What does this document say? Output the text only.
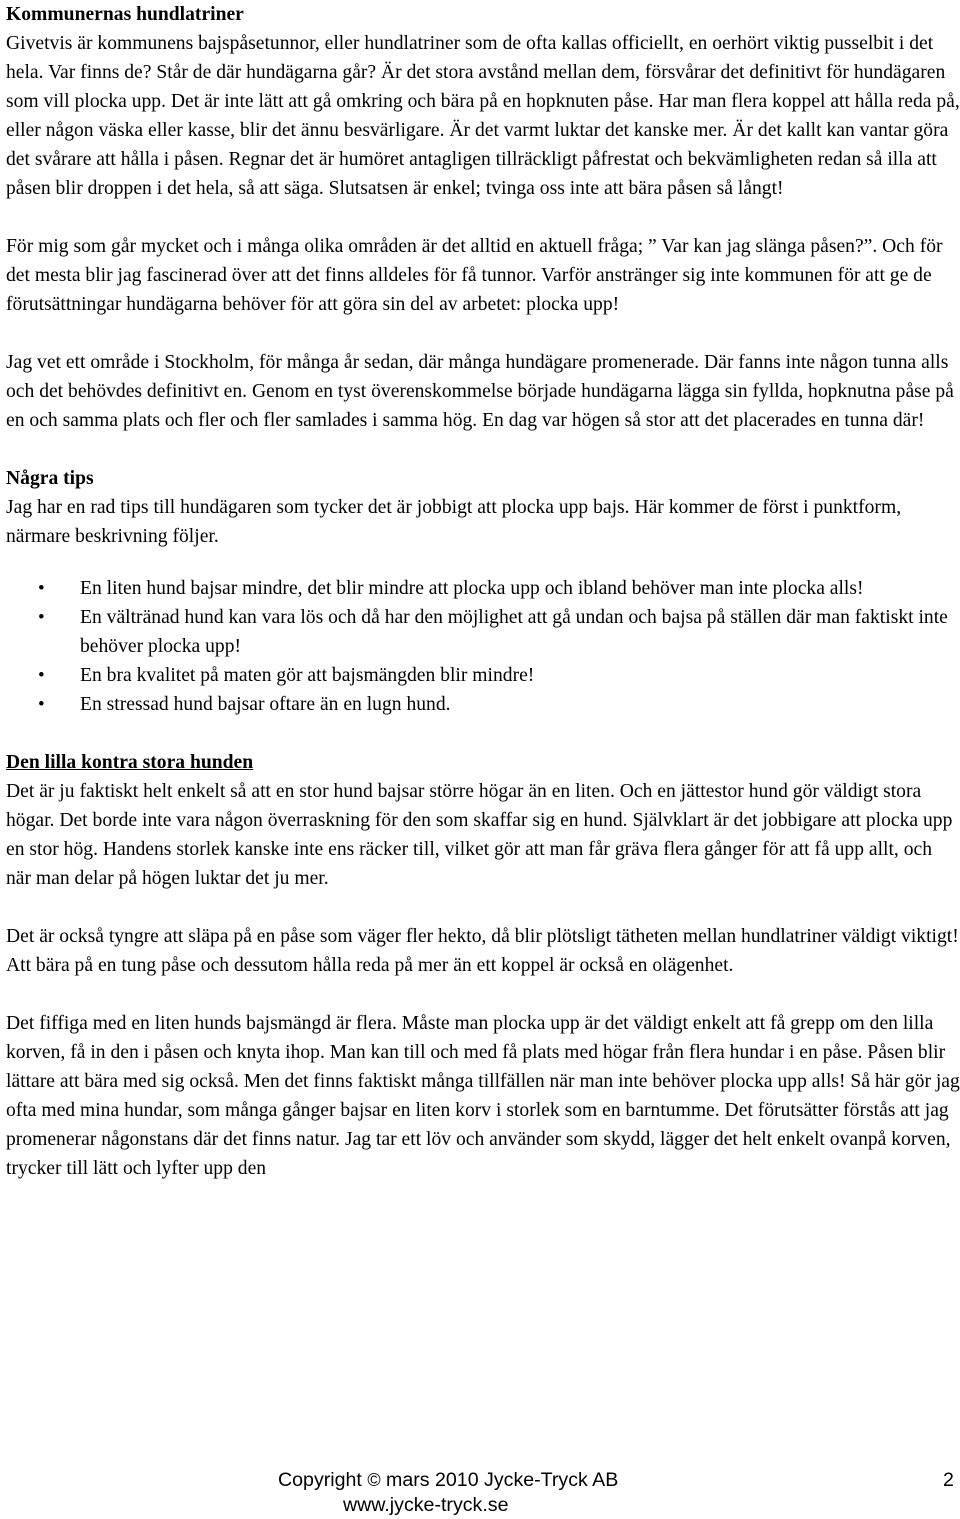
Kommunernas hundlatriner

Givetvis är kommunens bajspåsetunnor, eller hundlatriner som de ofta kallas officiellt, en oerhört viktig pusselbit i det hela. Var finns de? Står de där hundägarna går? Är det stora avstånd mellan dem, försvårar det definitivt för hundägaren som vill plocka upp. Det är inte lätt att gå omkring och bära på en hopknuten påse. Har man flera koppel att hålla reda på, eller någon väska eller kasse, blir det ännu besvärligare. Är det varmt luktar det kanske mer. Är det kallt kan vantar göra det svårare att hålla i påsen. Regnar det är humöret antagligen tillräckligt påfrestat och bekvämligheten redan så illa att påsen blir droppen i det hela, så att säga. Slutsatsen är enkel; tvinga oss inte att bära påsen så långt!

För mig som går mycket och i många olika områden är det alltid en aktuell fråga; ” Var kan jag slänga påsen?”. Och för det mesta blir jag fascinerad över att det finns alldeles för få tunnor. Varför anstränger sig inte kommunen för att ge de förutsättningar hundägarna behöver för att göra sin del av arbetet: plocka upp!

Jag vet ett område i Stockholm, för många år sedan, där många hundägare promenerade. Där fanns inte någon tunna alls och det behövdes definitivt en. Genom en tyst överenskommelse började hundägarna lägga sin fyllda, hopknutna påse på en och samma plats och fler och fler samlades i samma hög. En dag var högen så stor att det placerades en tunna där!

Några tips

Jag har en rad tips till hundägaren som tycker det är jobbigt att plocka upp bajs. Här kommer de först i punktform, närmare beskrivning följer.

• En liten hund bajsar mindre, det blir mindre att plocka upp och ibland behöver man inte plocka alls!
• En vältränad hund kan vara lös och då har den möjlighet att gå undan och bajsa på ställen där man faktiskt inte behöver plocka upp!
• En bra kvalitet på maten gör att bajsmängden blir mindre!
• En stressad hund bajsar oftare än en lugn hund.

Den lilla kontra stora hunden

Det är ju faktiskt helt enkelt så att en stor hund bajsar större högar än en liten. Och en jättestor hund gör väldigt stora högar. Det borde inte vara någon överraskning för den som skaffar sig en hund. Självklart är det jobbigare att plocka upp en stor hög. Handens storlek kanske inte ens räcker till, vilket gör att man får gräva flera gånger för att få upp allt, och när man delar på högen luktar det ju mer.

Det är också tyngre att släpa på en påse som väger fler hekto, då blir plötsligt tätheten mellan hundlatriner väldigt viktigt! Att bära på en tung påse och dessutom hålla reda på mer än ett koppel är också en olägenhet.

Det fiffiga med en liten hunds bajsmängd är flera. Måste man plocka upp är det väldigt enkelt att få grepp om den lilla korven, få in den i påsen och knyta ihop. Man kan till och med få plats med högar från flera hundar i en påse. Påsen blir lättare att bära med sig också. Men det finns faktiskt många tillfällen när man inte behöver plocka upp alls! Så här gör jag ofta med mina hundar, som många gånger bajsar en liten korv i storlek som en barntumme. Det förutsätter förstås att jag promenerar någonstans där det finns natur. Jag tar ett löv och använder som skydd, lägger det helt enkelt ovanpå korven, trycker till lätt och lyfter upp den

Copyright © mars 2010 Jycke-Tryck AB
www.jycke-tryck.se
2
